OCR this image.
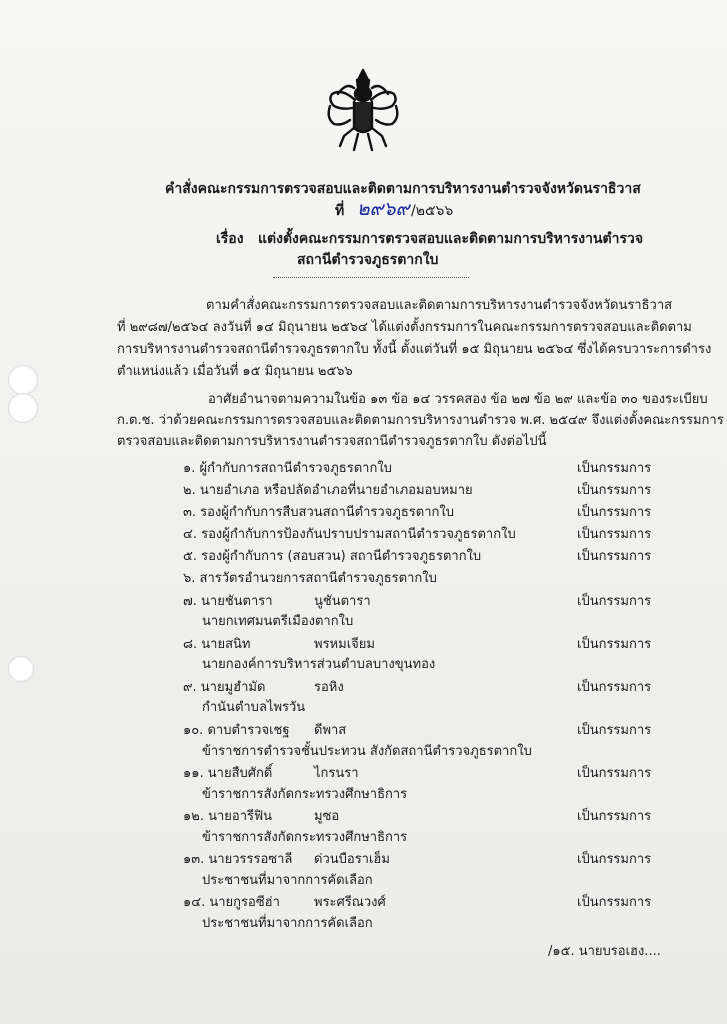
คำสั่งคณะกรรมการตรวจสอบและติดตามการบริหารงานตำรวจจังหวัดนราธิวาส
ที่ ๒๙๖๙ /๒๕๖๖
เรื่อง แต่งตั้งคณะกรรมการตรวจสอบและติดตามการบริหารงานตำรวจ
สถานีตำรวจภูธรตากใบ
ตามคำสั่งคณะกรรมการตรวจสอบและติดตามการบริหารงานตำรวจจังหวัดนราธิวาส
ที่ ๒๙๘๗/๒๕๖๔ ลงวันที่ ๑๔ มิถุนายน ๒๕๖๔ ได้แต่งตั้งกรรมการในคณะกรรมการตรวจสอบและติดตาม
การบริหารงานตำรวจสถานีตำรวจภูธรตากใบ ทั้งนี้ ตั้งแต่วันที่ ๑๕ มิถุนายน ๒๕๖๔ ซึ่งได้ครบวาระการดำรง
ตำแหน่งแล้ว เมื่อวันที่ ๑๕ มิถุนายน ๒๕๖๖
อาศัยอำนาจตามความในข้อ ๑๓ ข้อ ๑๔ วรรคสอง ข้อ ๒๗ ข้อ ๒๙ และข้อ ๓๐ ของระเบียบ
ก.ต.ช. ว่าด้วยคณะกรรมการตรวจสอบและติดตามการบริหารงานตำรวจ พ.ศ. ๒๕๔๙ จึงแต่งตั้งคณะกรรมการ
ตรวจสอบและติดตามการบริหารงานตำรวจสถานีตำรวจภูธรตากใบ ดังต่อไปนี้
๑. ผู้กำกับการสถานีตำรวจภูธรตากใบ	เป็นกรรมการ
๒. นายอำเภอ หรือปลัดอำเภอที่นายอำเภอมอบหมาย	เป็นกรรมการ
๓. รองผู้กำกับการสืบสวนสถานีตำรวจภูธรตากใบ	เป็นกรรมการ
๔. รองผู้กำกับการป้องกันปราบปรามสถานีตำรวจภูธรตากใบ	เป็นกรรมการ
๕. รองผู้กำกับการ (สอบสวน) สถานีตำรวจภูธรตากใบ	เป็นกรรมการ
๖. สารวัตรอำนวยการสถานีตำรวจภูธรตากใบ
๗. นายชันตารา	นูชันตารา	เป็นกรรมการ
นายกเทศมนตรีเมืองตากใบ
๘. นายสนิท	พรหมเจียม	เป็นกรรมการ
นายกองค์การบริหารส่วนตำบลบางขุนทอง
๙. นายมูฮำมัด	รอหิง	เป็นกรรมการ
กำนันตำบลไพรวัน
๑๐. ดาบตำรวจเชฐ ดีพาส	เป็นกรรมการ
ข้าราชการตำรวจชั้นประทวน สังกัดสถานีตำรวจภูธรตากใบ
๑๑. นายสืบศักดิ์	ไกรนรา	เป็นกรรมการ
ข้าราชการสังกัดกระทรวงศึกษาธิการ
๑๒. นายอารีฟิน	มูซอ	เป็นกรรมการ
ข้าราชการสังกัดกระทรวงศึกษาธิการ
๑๓. นายวรรรอซาลี ด่วนบือราเฮ็ม	เป็นกรรมการ
ประชาชนที่มาจากการคัดเลือก
๑๔. นายกูรอซีฮ่า	พระศรีณวงศ์	เป็นกรรมการ
ประชาชนที่มาจากการคัดเลือก
/๑๕. นายบรอเฮง....
